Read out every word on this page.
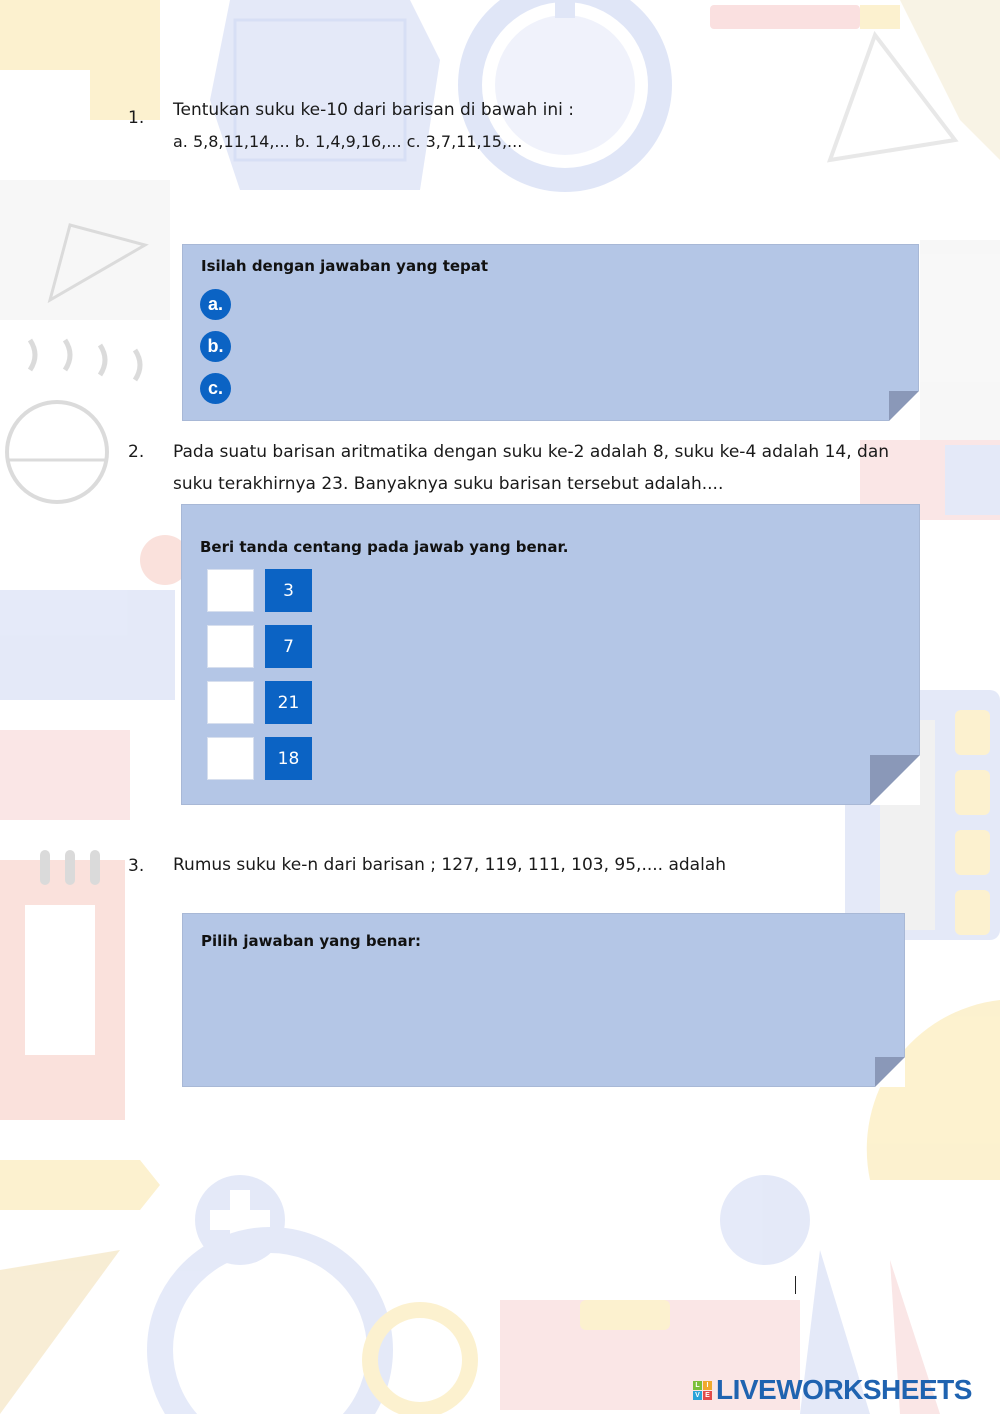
1. Tentukan suku ke-10 dari barisan di bawah ini :
a. 5,8,11,14,... b. 1,4,9,16,... c. 3,7,11,15,...
Isilah dengan jawaban yang tepat
a.
b.
c.
2. Pada suatu barisan aritmatika dengan suku ke-2 adalah 8, suku ke-4 adalah 14, dan
suku terakhirnya 23. Banyaknya suku barisan tersebut adalah....
Beri tanda centang pada jawab yang benar.
3
7
21
18
3. Rumus suku ke-n dari barisan ; 127, 119, 111, 103, 95,.... adalah
Pilih jawaban yang benar:
L I
V E LIVEWORKSHEETS
